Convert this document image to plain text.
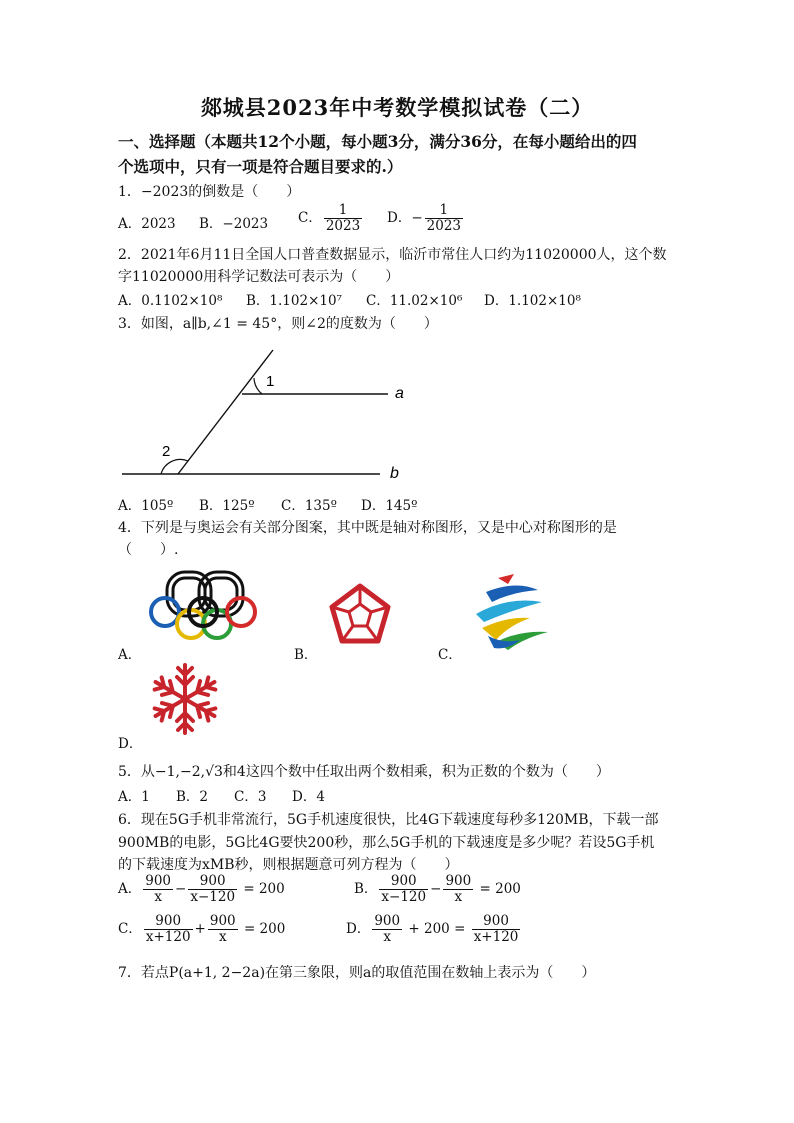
郯城县2023年中考数学模拟试卷（二）
一、选择题（本题共12个小题，每小题3分，满分36分，在每小题给出的四
个选项中，只有一项是符合题目要求的.）
1．−2023的倒数是（　　）
A．2023 B．−2023 C． $\frac{1}{2023}$ D．− $\frac{1}{2023}$
2．2021年6月11日全国人口普查数据显示，临沂市常住人口约为11020000人，这个数
字11020000用科学记数法可表示为（　　）
A．0.1102×10⁸ B．1.102×10⁷ C．11.02×10⁶ D．1.102×10⁸
3．如图，a∥b,∠1 = 45°，则∠2的度数为（　　）
1
2
a
b
A．105º B．125º C．135º D．145º
4．下列是与奥运会有关部分图案，其中既是轴对称图形，又是中心对称图形的是
（　　）.
A．	B．	C．
D．
5．从−1,−2,√3和4这四个数中任取出两个数相乘，积为正数的个数为（　　）
A．1 B．2 C．3 D．4
6．现在5G手机非常流行，5G手机速度很快，比4G下载速度每秒多120MB，下载一部
900MB的电影，5G比4G要快200秒，那么5G手机的下载速度是多少呢？若设5G手机
的下载速度为xMB秒，则根据题意可列方程为（　　）
A． $\frac{900}{x} - \frac{900}{x-120} = 200$	B． $\frac{900}{x-120} - \frac{900}{x} = 200$
C． $\frac{900}{x+120} + \frac{900}{x} = 200$	D． $\frac{900}{x} + 200 = \frac{900}{x+120}$
7．若点P(a+1, 2−2a)在第三象限，则a的取值范围在数轴上表示为（　　）
